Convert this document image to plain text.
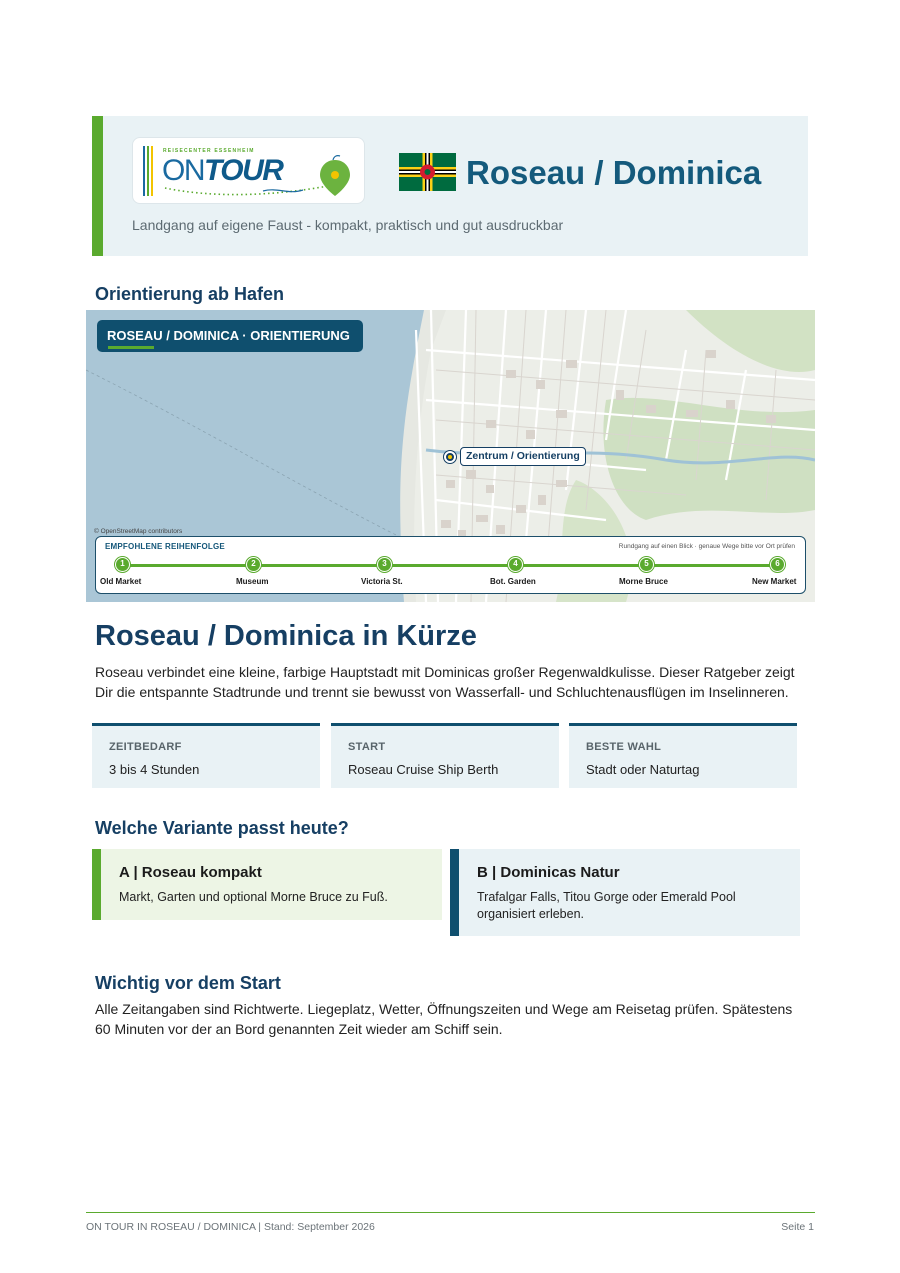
REISECENTER ESSENHEIM
ONTOUR	Roseau / Dominica
Landgang auf eigene Faust - kompakt, praktisch und gut ausdruckbar
Orientierung ab Hafen
ROSEAU / DOMINICA · ORIENTIERUNG
Zentrum / Orientierung
© OpenStreetMap contributors
EMPFOHLENE REIHENFOLGE	Rundgang auf einen Blick · genaue Wege bitte vor Ort prüfen
1
Old Market
2
Museum
3
Victoria St.
4
Bot. Garden
5
Morne Bruce
6
New Market
Roseau / Dominica in Kürze
Roseau verbindet eine kleine, farbige Hauptstadt mit Dominicas großer Regenwaldkulisse. Dieser Ratgeber zeigt Dir die entspannte Stadtrunde und trennt sie bewusst von Wasserfall- und Schluchtenausflügen im Inselinneren.
ZEITBEDARF
3 bis 4 Stunden
START
Roseau Cruise Ship Berth
BESTE WAHL
Stadt oder Naturtag
Welche Variante passt heute?
A | Roseau kompakt
Markt, Garten und optional Morne Bruce zu Fuß.
B | Dominicas Natur
Trafalgar Falls, Titou Gorge oder Emerald Pool organisiert erleben.
Wichtig vor dem Start
Alle Zeitangaben sind Richtwerte. Liegeplatz, Wetter, Öffnungszeiten und Wege am Reisetag prüfen. Spätestens 60 Minuten vor der an Bord genannten Zeit wieder am Schiff sein.
ON TOUR IN ROSEAU / DOMINICA | Stand: September 2026	Seite 1
